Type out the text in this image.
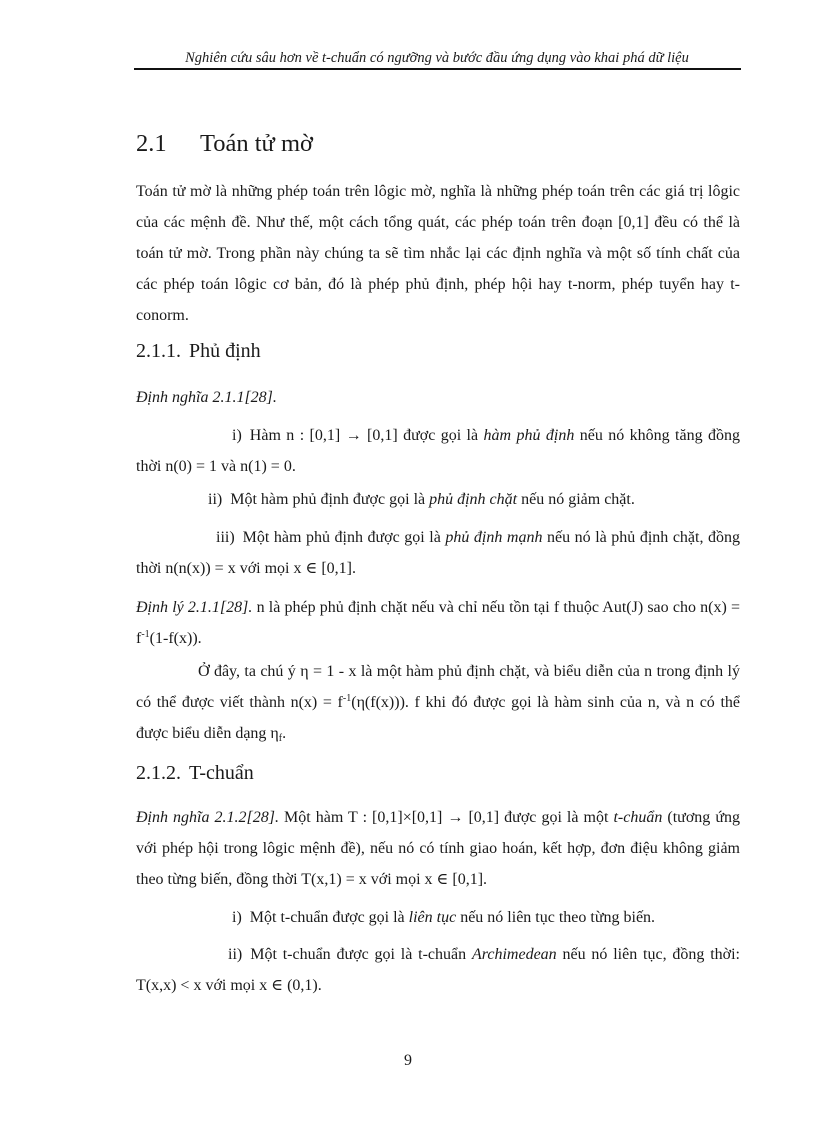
Nghiên cứu sâu hơn về t-chuẩn có ngưỡng và bước đầu ứng dụng vào khai phá dữ liệu
2.1 Toán tử mờ

Toán tử mờ là những phép toán trên lôgic mờ, nghĩa là những phép toán trên các giá trị lôgic của các mệnh đề. Như thế, một cách tổng quát, các phép toán trên đoạn [0,1] đều có thể là toán tử mờ. Trong phần này chúng ta sẽ tìm nhắc lại các định nghĩa và một số tính chất của các phép toán lôgic cơ bản, đó là phép phủ định, phép hội hay t-norm, phép tuyển hay t-conorm.

2.1.1. Phủ định

Định nghĩa 2.1.1[28].

i) Hàm n : [0,1] → [0,1] được gọi là hàm phủ định nếu nó không tăng đồng thời n(0) = 1 và n(1) = 0.

ii) Một hàm phủ định được gọi là phủ định chặt nếu nó giảm chặt.

iii) Một hàm phủ định được gọi là phủ định mạnh nếu nó là phủ định chặt, đồng thời n(n(x)) = x với mọi x ∈ [0,1].

Định lý 2.1.1[28]. n là phép phủ định chặt nếu và chỉ nếu tồn tại f thuộc Aut(J) sao cho $n(x) = f^{-1}(1-f(x))$.

Ở đây, ta chú ý η = 1 - x là một hàm phủ định chặt, và biểu diễn của n trong định lý có thể được viết thành $n(x) = f^{-1}(\eta(f(x)))$. f khi đó được gọi là hàm sinh của n, và n có thể được biểu diễn dạng $\eta_f$.

2.1.2. T-chuẩn

Định nghĩa 2.1.2[28]. Một hàm T : [0,1]×[0,1] → [0,1] được gọi là một t-chuẩn (tương ứng với phép hội trong lôgic mệnh đề), nếu nó có tính giao hoán, kết hợp, đơn điệu không giảm theo từng biến, đồng thời T(x,1) = x với mọi x ∈ [0,1].

i) Một t-chuẩn được gọi là liên tục nếu nó liên tục theo từng biến.

ii) Một t-chuẩn được gọi là t-chuẩn Archimedean nếu nó liên tục, đồng thời: T(x,x) < x với mọi x ∈ (0,1).

9
